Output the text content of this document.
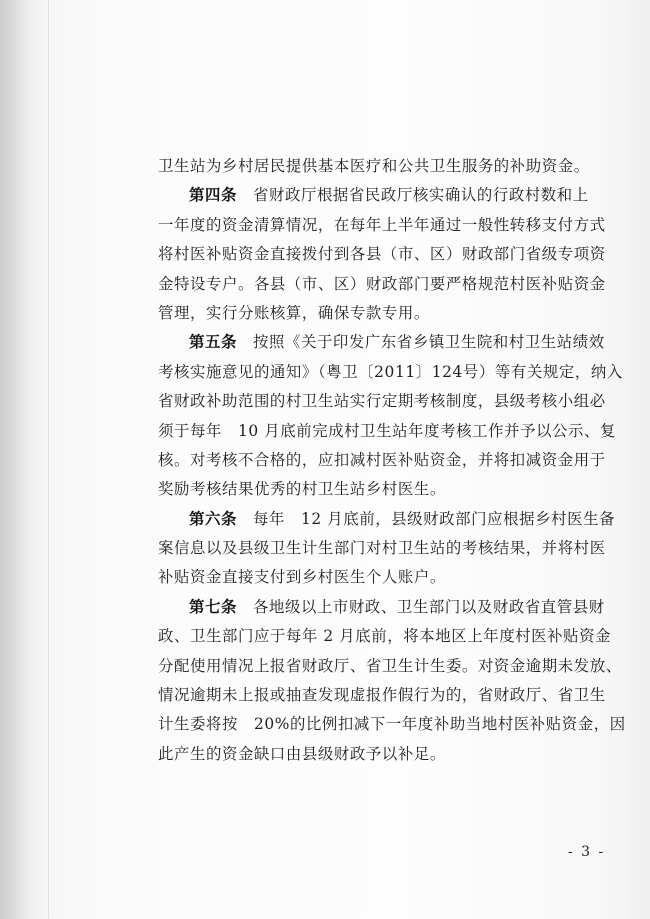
卫生站为乡村居民提供基本医疗和公共卫生服务的补助资金。
第四条　省财政厅根据省民政厅核实确认的行政村数和上
一年度的资金清算情况，在每年上半年通过一般性转移支付方式
将村医补贴资金直接拨付到各县（市、区）财政部门省级专项资
金特设专户。各县（市、区）财政部门要严格规范村医补贴资金
管理，实行分账核算，确保专款专用。
第五条　按照《关于印发广东省乡镇卫生院和村卫生站绩效
考核实施意见的通知》（粤卫〔2011〕124号）等有关规定，纳入
省财政补助范围的村卫生站实行定期考核制度，县级考核小组必
须于每年　10 月底前完成村卫生站年度考核工作并予以公示、复
核。对考核不合格的，应扣减村医补贴资金，并将扣减资金用于
奖励考核结果优秀的村卫生站乡村医生。
第六条　每年　12 月底前，县级财政部门应根据乡村医生备
案信息以及县级卫生计生部门对村卫生站的考核结果，并将村医
补贴资金直接支付到乡村医生个人账户。
第七条　各地级以上市财政、卫生部门以及财政省直管县财
政、卫生部门应于每年 2 月底前，将本地区上年度村医补贴资金
分配使用情况上报省财政厅、省卫生计生委。对资金逾期未发放、
情况逾期未上报或抽查发现虚报作假行为的，省财政厅、省卫生
计生委将按　20%的比例扣减下一年度补助当地村医补贴资金，因
此产生的资金缺口由县级财政予以补足。
- 3 -
